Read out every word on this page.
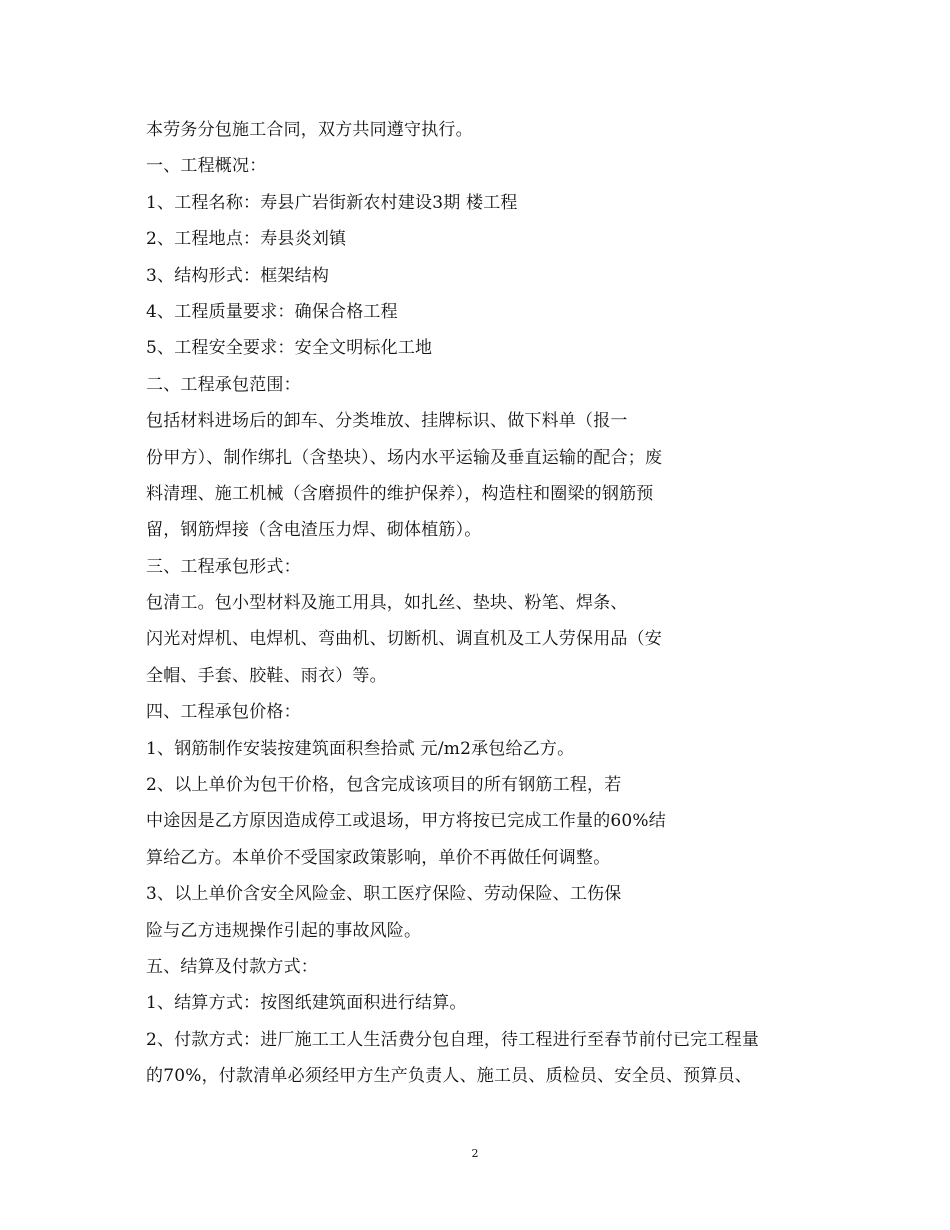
本劳务分包施工合同，双方共同遵守执行。
一、工程概况：
1、工程名称：寿县广岩街新农村建设3期 楼工程
2、工程地点：寿县炎刘镇
3、结构形式：框架结构
4、工程质量要求：确保合格工程
5、工程安全要求：安全文明标化工地
二、工程承包范围：
包括材料进场后的卸车、分类堆放、挂牌标识、做下料单（报一
份甲方）、制作绑扎（含垫块）、场内水平运输及垂直运输的配合；废
料清理、施工机械（含磨损件的维护保养），构造柱和圈梁的钢筋预
留，钢筋焊接（含电渣压力焊、砌体植筋）。
三、工程承包形式：
包清工。包小型材料及施工用具，如扎丝、垫块、粉笔、焊条、
闪光对焊机、电焊机、弯曲机、切断机、调直机及工人劳保用品（安
全帽、手套、胶鞋、雨衣）等。
四、工程承包价格：
1、钢筋制作安装按建筑面积叁拾贰 元/m2承包给乙方。
2、以上单价为包干价格，包含完成该项目的所有钢筋工程，若
中途因是乙方原因造成停工或退场，甲方将按已完成工作量的60%结
算给乙方。本单价不受国家政策影响，单价不再做任何调整。
3、以上单价含安全风险金、职工医疗保险、劳动保险、工伤保
险与乙方违规操作引起的事故风险。
五、结算及付款方式：
1、结算方式：按图纸建筑面积进行结算。
2、付款方式：进厂施工工人生活费分包自理，待工程进行至春节前付已完工程量
的70%，付款清单必须经甲方生产负责人、施工员、质检员、安全员、预算员、
2
